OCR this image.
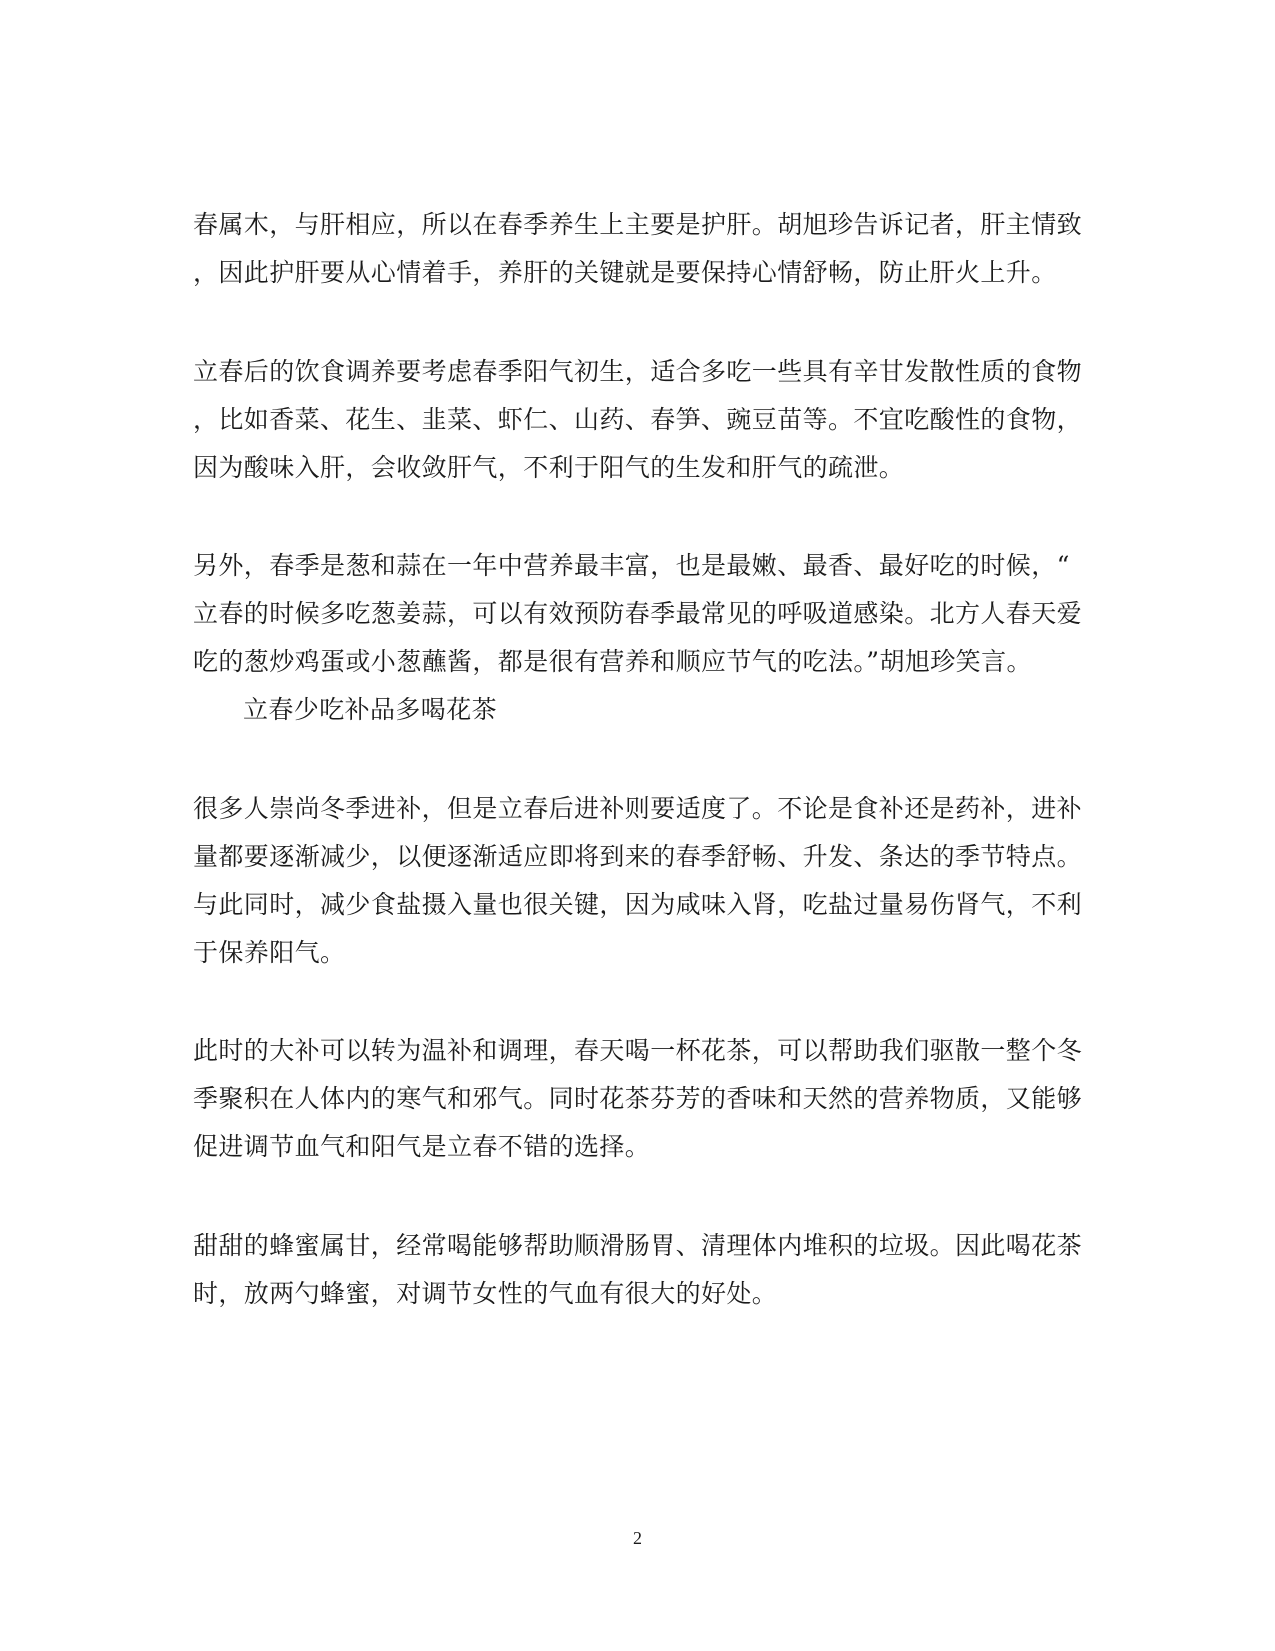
春属木，与肝相应，所以在春季养生上主要是护肝。胡旭珍告诉记者，肝主情致
，因此护肝要从心情着手，养肝的关键就是要保持心情舒畅，防止肝火上升。
立春后的饮食调养要考虑春季阳气初生，适合多吃一些具有辛甘发散性质的食物
，比如香菜、花生、韭菜、虾仁、山药、春笋、豌豆苗等。不宜吃酸性的食物，
因为酸味入肝，会收敛肝气，不利于阳气的生发和肝气的疏泄。
另外，春季是葱和蒜在一年中营养最丰富，也是最嫩、最香、最好吃的时候，“
立春的时候多吃葱姜蒜，可以有效预防春季最常见的呼吸道感染。北方人春天爱
吃的葱炒鸡蛋或小葱蘸酱，都是很有营养和顺应节气的吃法。”胡旭珍笑言。
立春少吃补品多喝花茶
很多人崇尚冬季进补，但是立春后进补则要适度了。不论是食补还是药补，进补
量都要逐渐减少，以便逐渐适应即将到来的春季舒畅、升发、条达的季节特点。
与此同时，减少食盐摄入量也很关键，因为咸味入肾，吃盐过量易伤肾气，不利
于保养阳气。
此时的大补可以转为温补和调理，春天喝一杯花茶，可以帮助我们驱散一整个冬
季聚积在人体内的寒气和邪气。同时花茶芬芳的香味和天然的营养物质，又能够
促进调节血气和阳气是立春不错的选择。
甜甜的蜂蜜属甘，经常喝能够帮助顺滑肠胃、清理体内堆积的垃圾。因此喝花茶
时，放两勺蜂蜜，对调节女性的气血有很大的好处。
2
